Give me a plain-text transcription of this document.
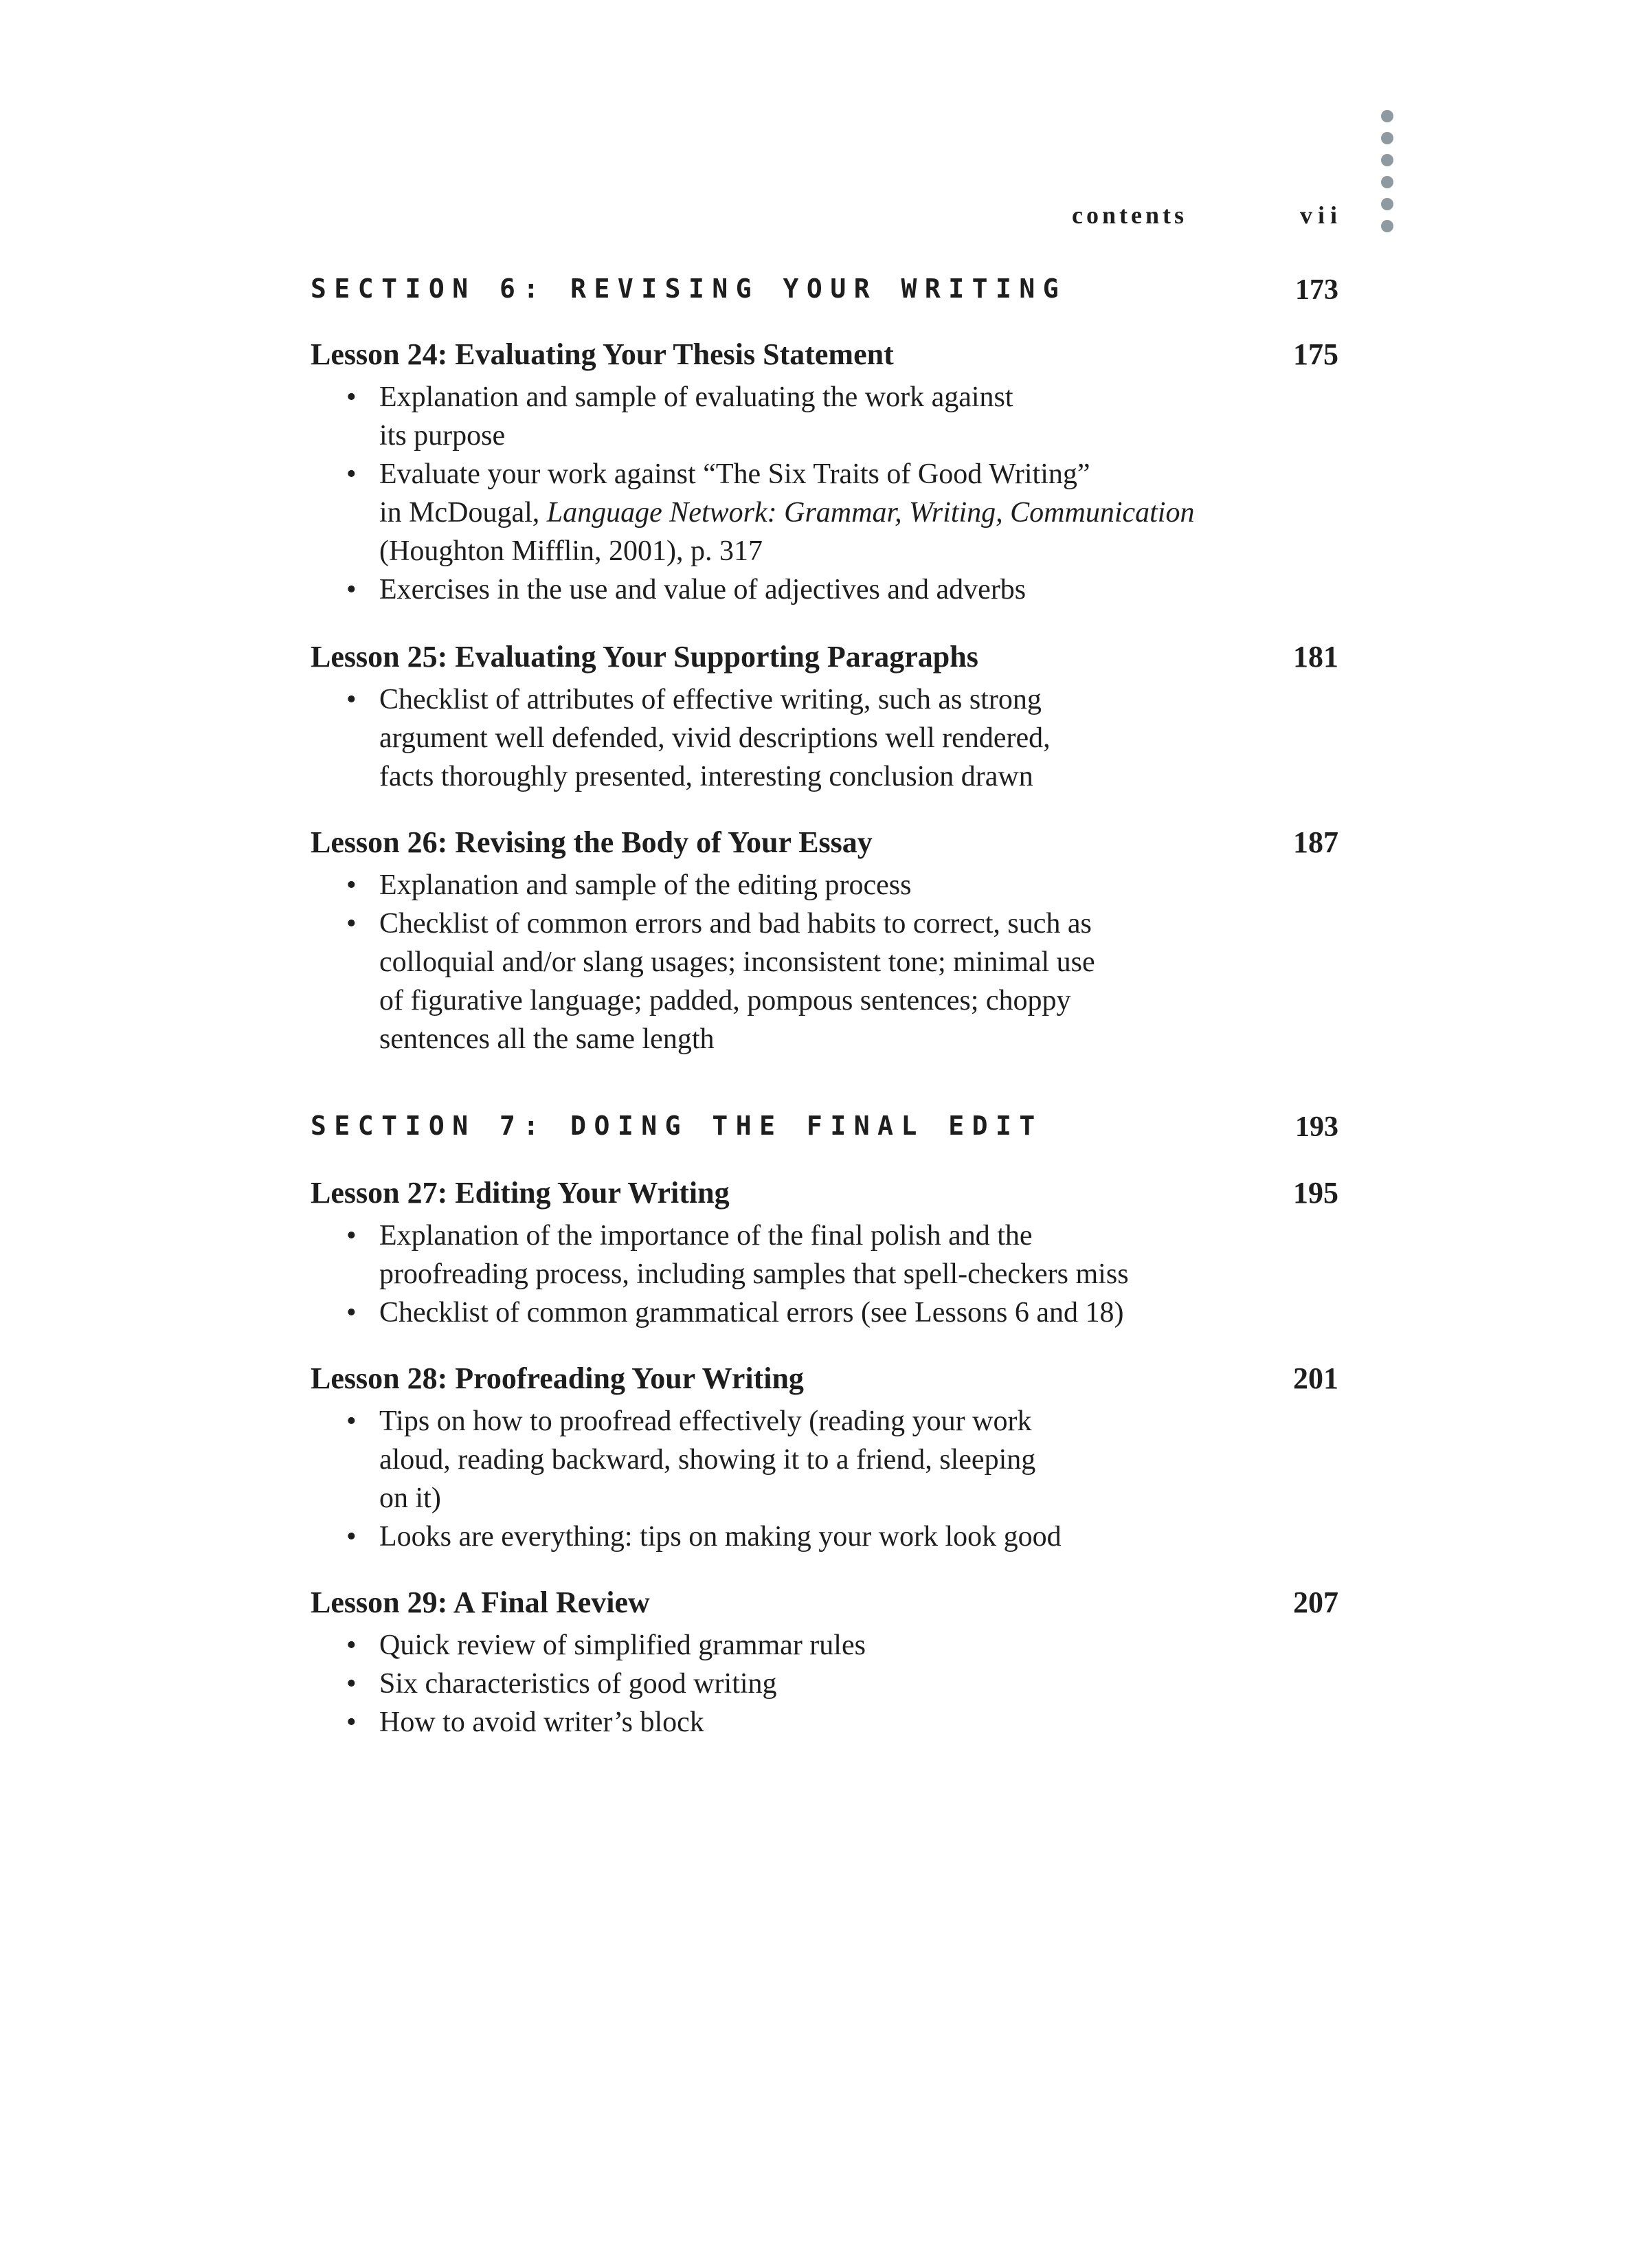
contents	vii
SECTION 6: REVISING YOUR WRITING	173
Lesson 24: Evaluating Your Thesis Statement	175
• Explanation and sample of evaluating the work against
its purpose
• Evaluate your work against “The Six Traits of Good Writing”
in McDougal, Language Network: Grammar, Writing, Communication
(Houghton Mifflin, 2001), p. 317
• Exercises in the use and value of adjectives and adverbs
Lesson 25: Evaluating Your Supporting Paragraphs	181
• Checklist of attributes of effective writing, such as strong
argument well defended, vivid descriptions well rendered,
facts thoroughly presented, interesting conclusion drawn
Lesson 26: Revising the Body of Your Essay	187
• Explanation and sample of the editing process
• Checklist of common errors and bad habits to correct, such as
colloquial and/or slang usages; inconsistent tone; minimal use
of figurative language; padded, pompous sentences; choppy
sentences all the same length
SECTION 7: DOING THE FINAL EDIT	193
Lesson 27: Editing Your Writing	195
• Explanation of the importance of the final polish and the
proofreading process, including samples that spell-checkers miss
• Checklist of common grammatical errors (see Lessons 6 and 18)
Lesson 28: Proofreading Your Writing	201
• Tips on how to proofread effectively (reading your work
aloud, reading backward, showing it to a friend, sleeping
on it)
• Looks are everything: tips on making your work look good
Lesson 29: A Final Review	207
• Quick review of simplified grammar rules
• Six characteristics of good writing
• How to avoid writer’s block
